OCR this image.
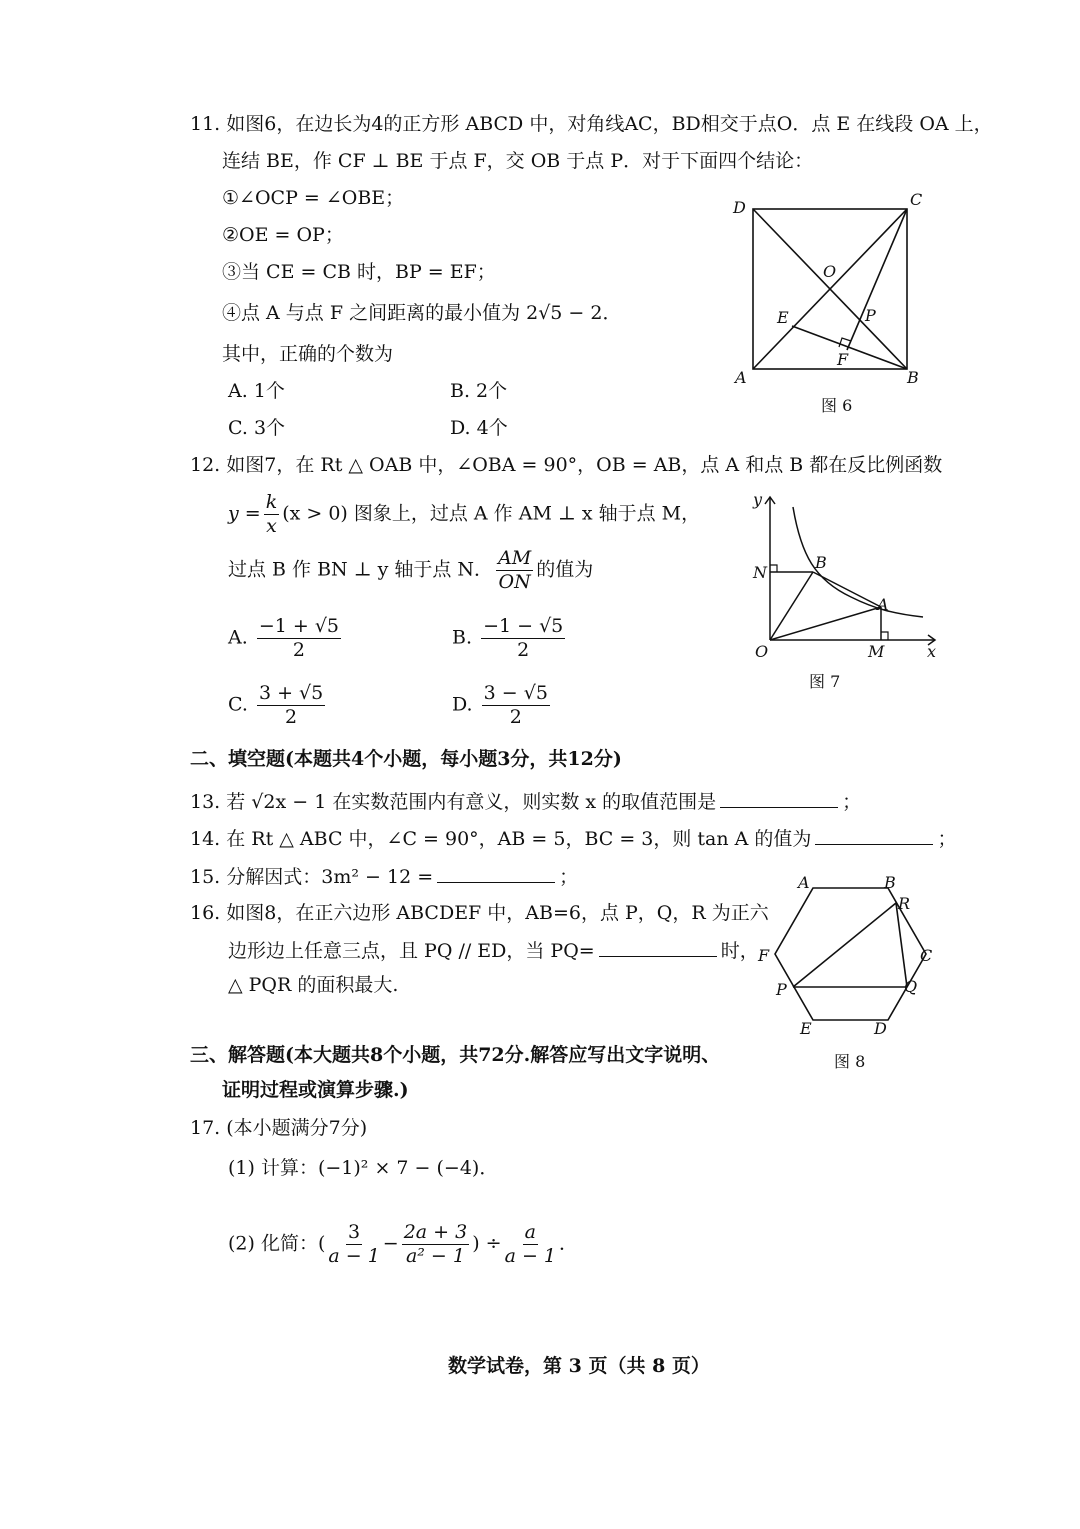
11. 如图6，在边长为4的正方形 ABCD 中，对角线AC，BD相交于点O．点 E 在线段 OA 上，
连结 BE，作 CF ⊥ BE 于点 F，交 OB 于点 P．对于下面四个结论：
①∠OCP = ∠OBE；
②OE = OP；
③当 CE = CB 时，BP = EF；
④点 A 与点 F 之间距离的最小值为 2√5 − 2．
其中，正确的个数为
A. 1个	B. 2个
C. 3个	D. 4个
D	C
A	B
O
E	P
F
图 6
12. 如图7，在 Rt △ OAB 中，∠OBA = 90°，OB = AB，点 A 和点 B 都在反比例函数
$y = \frac{k}{x} (x > 0)$ 图象上，过点 A 作 AM ⊥ x 轴于点 M，
过点 B 作 BN ⊥ y 轴于点 N． $\frac{AM}{ON}$ 的值为
A. $\frac{-1 + √5}{2}$	B. $\frac{-1 - √5}{2}$
C. $\frac{3 + √5}{2}$	D. $\frac{3 - √5}{2}$
y
x
O
N
B
A
M
图 7
二、填空题(本题共4个小题，每小题3分，共12分)
13. 若 √2x − 1 在实数范围内有意义，则实数 x 的取值范围是	；
14. 在 Rt △ ABC 中，∠C = 90°，AB = 5，BC = 3，则 tan A 的值为	；
15. 分解因式：3m² − 12 =	；
16. 如图8，在正六边形 ABCDEF 中，AB=6，点 P，Q，R 为正六
边形边上任意三点，且 PQ // ED，当 PQ=	时，
△ PQR 的面积最大.
A	B
R
C
F
P	Q
E	D
图 8
三、解答题(本大题共8个小题，共72分.解答应写出文字说明、
证明过程或演算步骤.)
17. (本小题满分7分)
(1) 计算：(−1)² × 7 − (−4)．
(2) 化简：( $\frac{3}{a - 1} - \frac{2a + 3}{\text{a² − 1}}$ ) ÷ $\frac{a}{a - 1}$ ．
数学试卷，第 3 页（共 8 页）
